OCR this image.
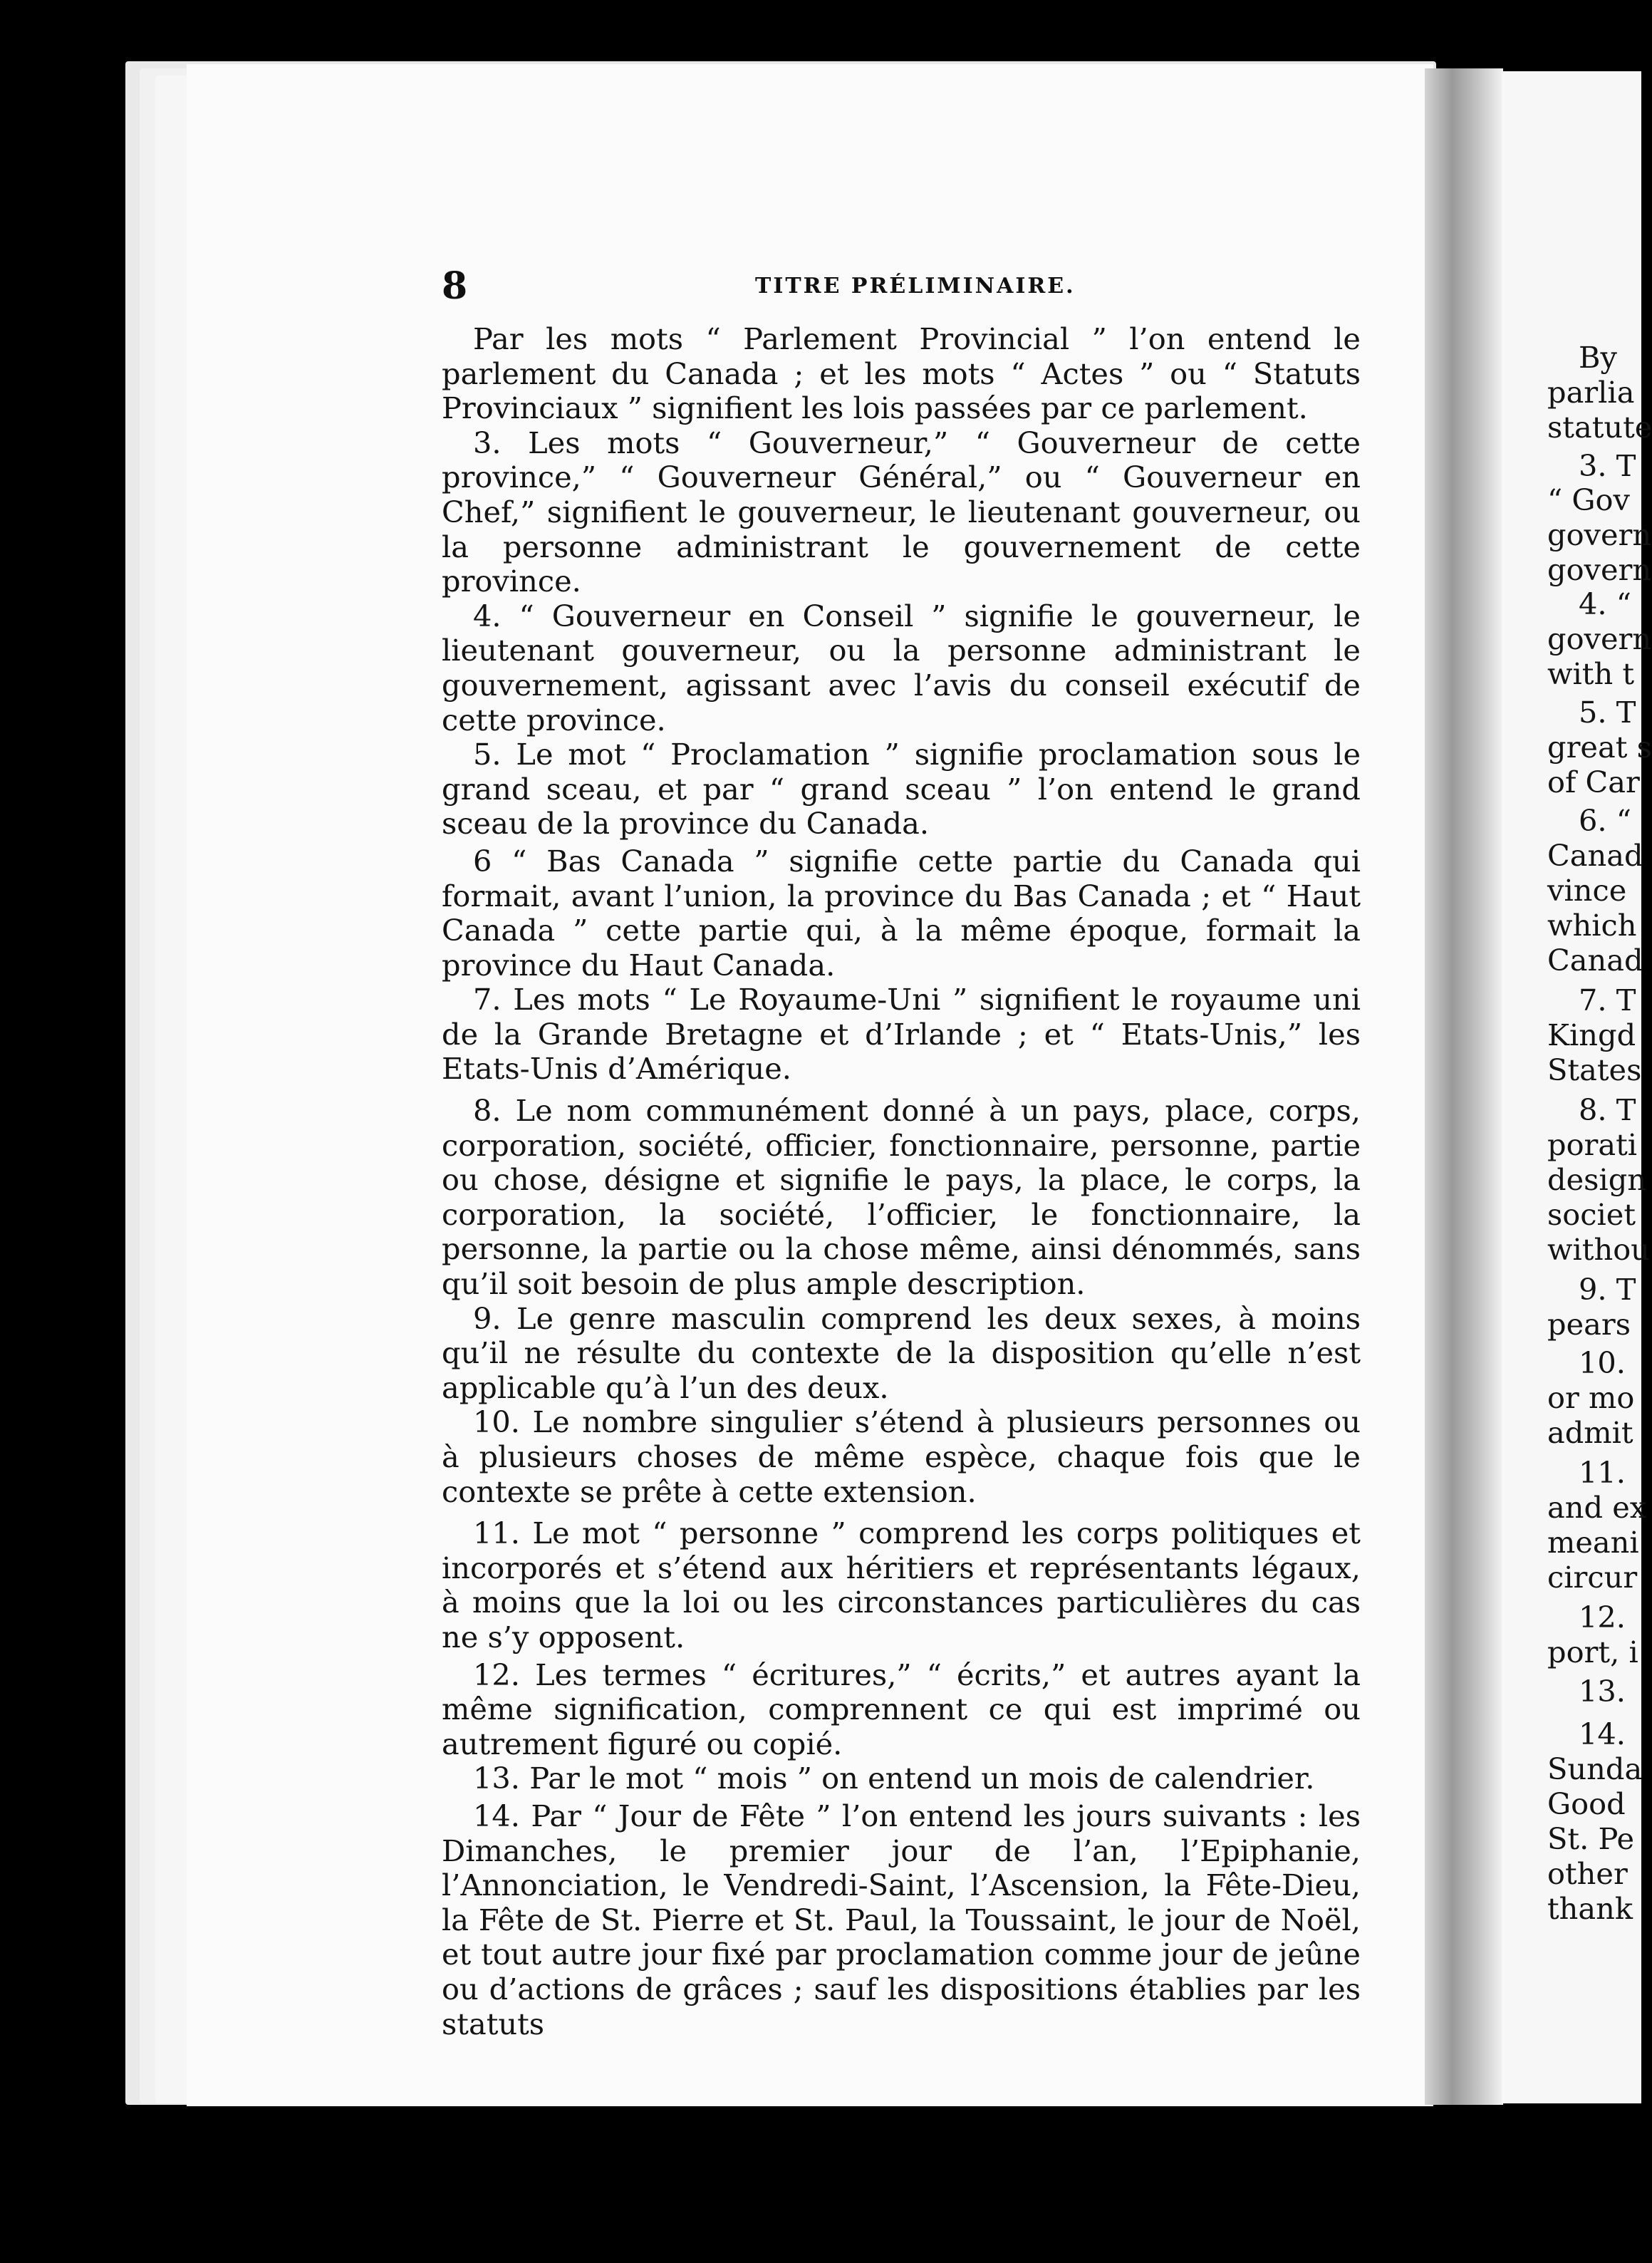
8	TITRE PRÉLIMINAIRE.

Par les mots “ Parlement Provincial ” l’on entend le parlement du Canada ; et les mots “ Actes ” ou “ Statuts Provinciaux ” signifient les lois passées par ce parlement.

3. Les mots “ Gouverneur,” “ Gouverneur de cette province,” “ Gouverneur Général,” ou “ Gouverneur en Chef,” signifient le gouverneur, le lieutenant gouverneur, ou la personne administrant le gouvernement de cette province.

4. “ Gouverneur en Conseil ” signifie le gouverneur, le lieutenant gouverneur, ou la personne administrant le gouvernement, agissant avec l’avis du conseil exécutif de cette province.

5. Le mot “ Proclamation ” signifie proclamation sous le grand sceau, et par “ grand sceau ” l’on entend le grand sceau de la province du Canada.

6 “ Bas Canada ” signifie cette partie du Canada qui formait, avant l’union, la province du Bas Canada ; et “ Haut Canada ” cette partie qui, à la même époque, formait la province du Haut Canada.

7. Les mots “ Le Royaume-Uni ” signifient le royaume uni de la Grande Bretagne et d’Irlande ; et “ Etats-Unis,” les Etats-Unis d’Amérique.

8. Le nom communément donné à un pays, place, corps, corporation, société, officier, fonctionnaire, personne, partie ou chose, désigne et signifie le pays, la place, le corps, la corporation, la société, l’officier, le fonctionnaire, la personne, la partie ou la chose même, ainsi dénommés, sans qu’il soit besoin de plus ample description.

9. Le genre masculin comprend les deux sexes, à moins qu’il ne résulte du contexte de la disposition qu’elle n’est applicable qu’à l’un des deux.

10. Le nombre singulier s’étend à plusieurs personnes ou à plusieurs choses de même espèce, chaque fois que le contexte se prête à cette extension.

11. Le mot “ personne ” comprend les corps politiques et incorporés et s’étend aux héritiers et représentants légaux, à moins que la loi ou les circonstances particulières du cas ne s’y opposent.

12. Les termes “ écritures,” “ écrits,” et autres ayant la même signification, comprennent ce qui est imprimé ou autrement figuré ou copié.

13. Par le mot “ mois ” on entend un mois de calendrier.

14. Par “ Jour de Fête ” l’on entend les jours suivants : les Dimanches, le premier jour de l’an, l’Epiphanie, l’Annonciation, le Vendredi-Saint, l’Ascension, la Fête-Dieu, la Fête de St. Pierre et St. Paul, la Toussaint, le jour de Noël, et tout autre jour fixé par proclamation comme jour de jeûne ou d’actions de grâces ; sauf les dispositions établies par les statuts

By
parlia
statute
3. T
“ Gov
govern
govern
4. “
govern
with t
5. T
great s
of Car
6. “
Canad
vince
which
Canad
7. T
Kingd
States
8. T
porati
design
societ
withou
9. T
pears
10.
or mo
admit
11.
and ex
meani
circur
12.
port, i
13.
14.
Sunda
Good
St. Pe
other
thank
